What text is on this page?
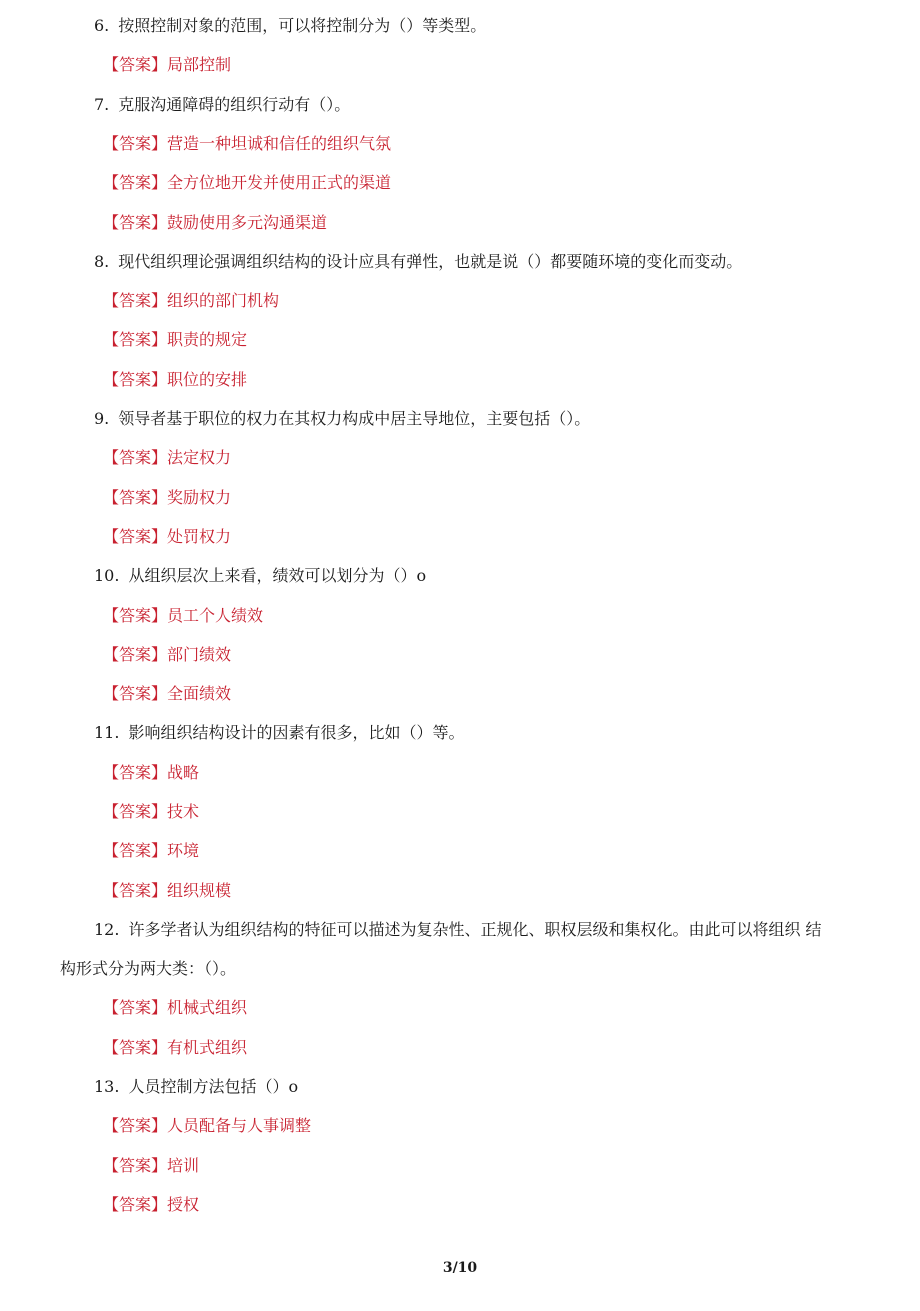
6. 按照控制对象的范围，可以将控制分为（）等类型。
【答案】局部控制
7. 克服沟通障碍的组织行动有（）。
【答案】营造一种坦诚和信任的组织气氛
【答案】全方位地开发并使用正式的渠道
【答案】鼓励使用多元沟通渠道
8. 现代组织理论强调组织结构的设计应具有弹性，也就是说（）都要随环境的变化而变动。
【答案】组织的部门机构
【答案】职责的规定
【答案】职位的安排
9. 领导者基于职位的权力在其权力构成中居主导地位，主要包括（）。
【答案】法定权力
【答案】奖励权力
【答案】处罚权力
10. 从组织层次上来看，绩效可以划分为（）o
【答案】员工个人绩效
【答案】部门绩效
【答案】全面绩效
11. 影响组织结构设计的因素有很多，比如（）等。
【答案】战略
【答案】技术
【答案】环境
【答案】组织规模
12. 许多学者认为组织结构的特征可以描述为复杂性、正规化、职权层级和集权化。由此可以将组织 结
构形式分为两大类：（）。
【答案】机械式组织
【答案】有机式组织
13. 人员控制方法包括（）o
【答案】人员配备与人事调整
【答案】培训
【答案】授权
3/10
